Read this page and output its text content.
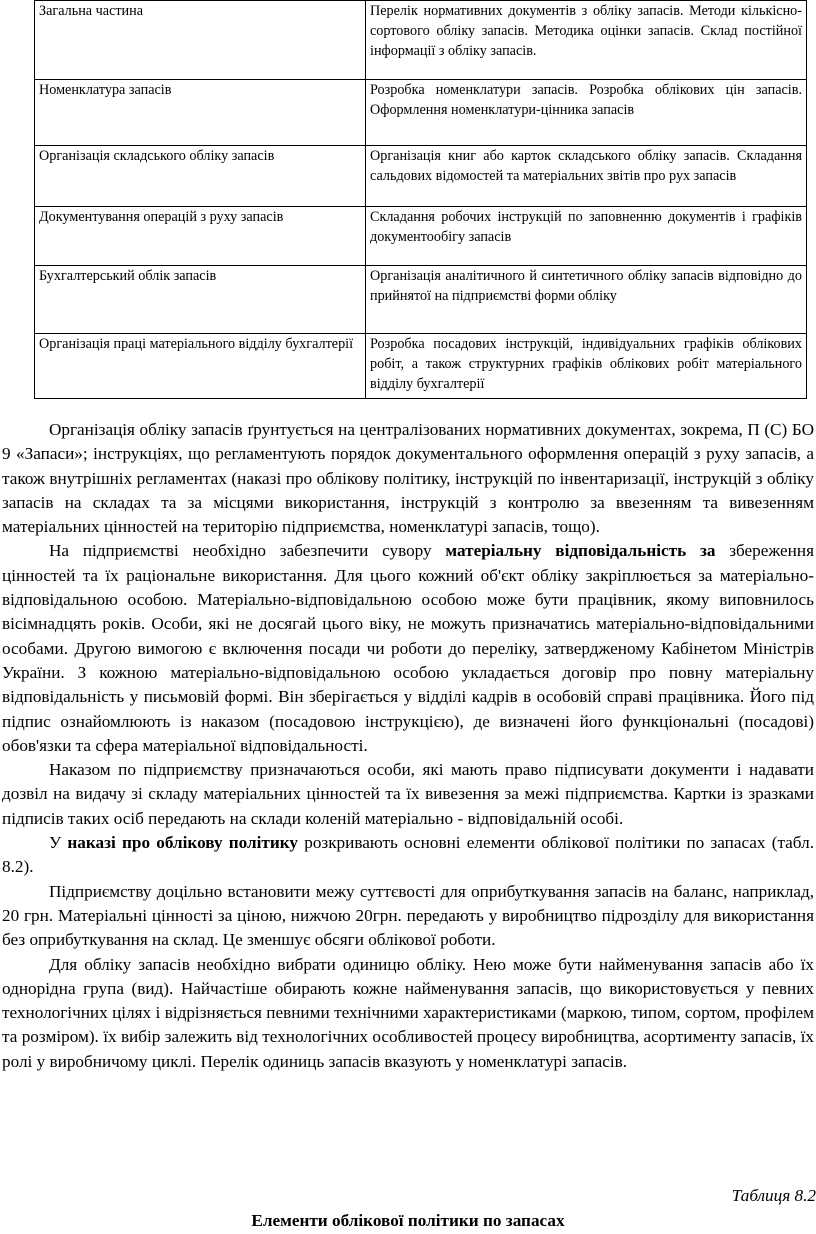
Загальна частина	Перелік нормативних документів з обліку запасів. Методи кількісно-сортового обліку запасів. Методика оцінки запасів. Склад постійної інформації з обліку запасів.
Номенклатура запасів	Розробка номенклатури запасів. Розробка облікових цін запасів. Оформлення номенклатури-цінника запасів
Організація складського обліку запасів	Організація книг або карток складського обліку запасів. Складання сальдових відомостей та матеріальних звітів про рух запасів
Документування операцій з руху запасів	Складання робочих інструкцій по заповненню документів і графіків документообігу запасів
Бухгалтерський облік запасів	Організація аналітичного й синтетичного обліку запасів відповідно до прийнятої на підприємстві форми обліку
Організація праці матеріального відділу бухгалтерії	Розробка посадових інструкцій, індивідуальних графіків облікових робіт, а також структурних графіків облікових робіт матеріального відділу бухгалтерії

Організація обліку запасів ґрунтується на централізованих нормативних документах, зокрема, П (С) БО 9 «Запаси»; інструкціях, що регламентують порядок документального оформлення операцій з руху запасів, а також внутрішніх регламентах (наказі про облікову політику, інструкцій по інвентаризації, інструкцій з обліку запасів на складах та за місцями використання, інструкцій з контролю за ввезенням та вивезенням матеріальних цінностей на територію підприємства, номенклатурі запасів, тощо).

На підприємстві необхідно забезпечити сувору матеріальну відповідальність за збереження цінностей та їх раціональне використання. Для цього кожний об'єкт обліку закріплюється за матеріально-відповідальною особою. Матеріально-відповідальною особою може бути працівник, якому виповнилось вісімнадцять років. Особи, які не досягай цього віку, не можуть призначатись матеріально-відповідальними особами. Другою вимогою є включення посади чи роботи до переліку, затвердженому Кабінетом Міністрів України. З кожною матеріально-відповідальною особою укладається договір про повну матеріальну відповідальність у письмовій формі. Він зберігається у відділі кадрів в особовій справі працівника. Його під підпис ознайомлюють із наказом (посадовою інструкцією), де визначені його функціональні (посадові) обов'язки та сфера матеріальної відповідальності.

Наказом по підприємству призначаються особи, які мають право підписувати документи і надавати дозвіл на видачу зі складу матеріальних цінностей та їх вивезення за межі підприємства. Картки із зразками підписів таких осіб передають на склади коленій матеріально - відповідальній особі.

У наказі про облікову політику розкривають основні елементи облікової політики по запасах (табл. 8.2).

Підприємству доцільно встановити межу суттєвості для оприбуткування запасів на баланс, наприклад, 20 грн. Матеріальні цінності за ціною, нижчою 20грн. передають у виробництво підрозділу для використання без оприбуткування на склад. Це зменшує обсяги облікової роботи.

Для обліку запасів необхідно вибрати одиницю обліку. Нею може бути найменування запасів або їх однорідна група (вид). Найчастіше обирають кожне найменування запасів, що використовується у певних технологічних цілях і відрізняється певними технічними характеристиками (маркою, типом, сортом, профілем та розміром). їх вибір залежить від технологічних особливостей процесу виробництва, асортименту запасів, їх ролі у виробничому циклі. Перелік одиниць запасів вказують у номенклатурі запасів.

Таблиця 8.2
Елементи облікової політики по запасах
